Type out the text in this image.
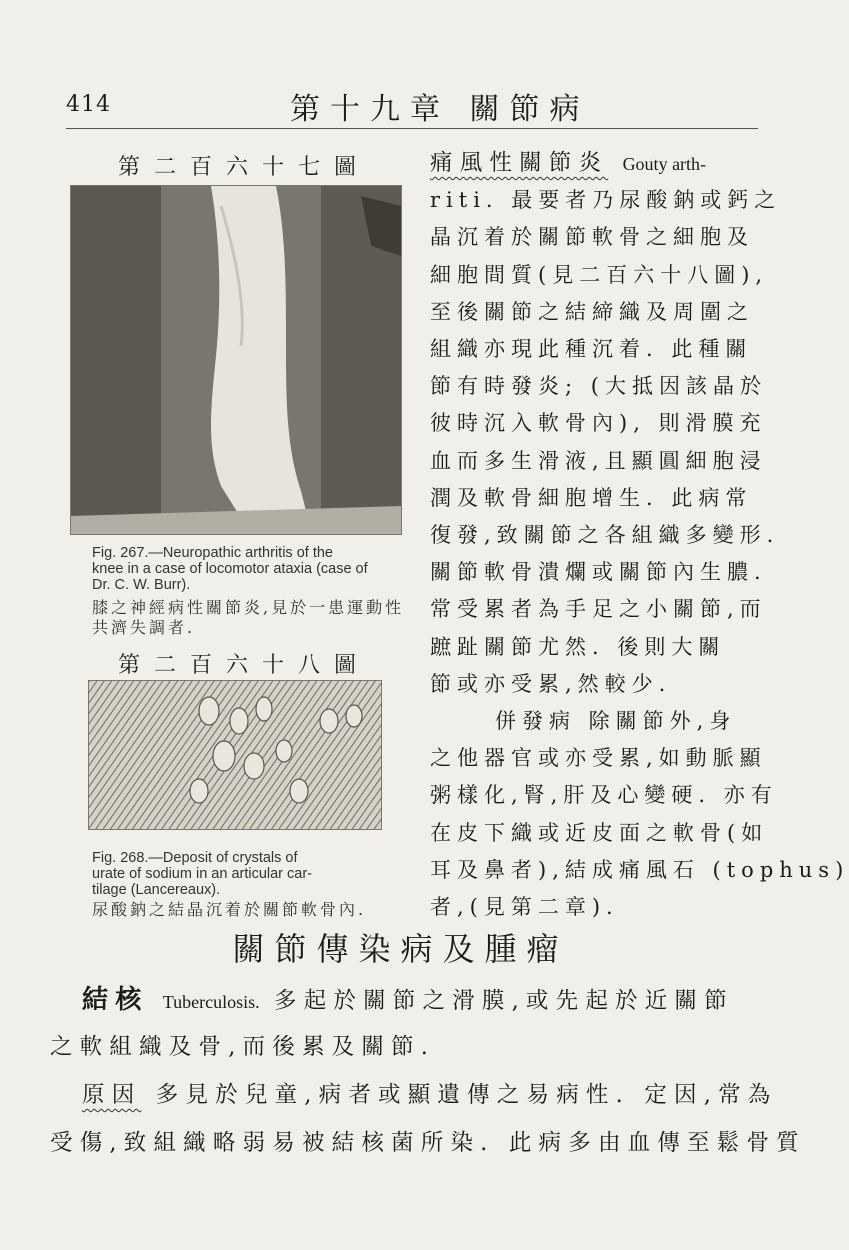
414	第十九章 關節病
第二百六十七圖
Fig. 267.—Neuropathic arthritis of the
knee in a case of locomotor ataxia (case of
Dr. C. W. Burr).
膝之神經病性關節炎,見於一患運動性
共濟失調者.
第二百六十八圖
Fig. 268.—Deposit of crystals of
urate of sodium in an articular car-
tilage (Lancereaux).
尿酸鈉之結晶沉着於關節軟骨內.
痛風性關節炎 Gouty arth-
關節傳染病及腫瘤
結核 Tuberculosis. 多起於關節之滑膜,或先起於近關節
之軟組織及骨,而後累及關節.
原因 多見於兒童,病者或顯遺傳之易病性. 定因,常為
受傷,致組織略弱易被結核菌所染. 此病多由血傳至鬆骨質
riti. 最要者乃尿酸鈉或鈣之
晶沉着於關節軟骨之細胞及
細胞間質(見二百六十八圖),
至後關節之結締織及周圍之
組織亦現此種沉着. 此種關
節有時發炎; (大抵因該晶於
彼時沉入軟骨內), 則滑膜充
血而多生滑液,且顯圓細胞浸
潤及軟骨細胞增生. 此病常
復發,致關節之各組織多變形.
關節軟骨潰爛或關節內生膿.
常受累者為手足之小關節,而
蹠趾關節尤然. 後則大關
節或亦受累,然較少.
併發病 除關節外,身
之他器官或亦受累,如動脈顯
粥樣化,腎,肝及心變硬. 亦有
在皮下織或近皮面之軟骨(如
耳及鼻者),結成痛風石 (tophus)
者,(見第二章).
